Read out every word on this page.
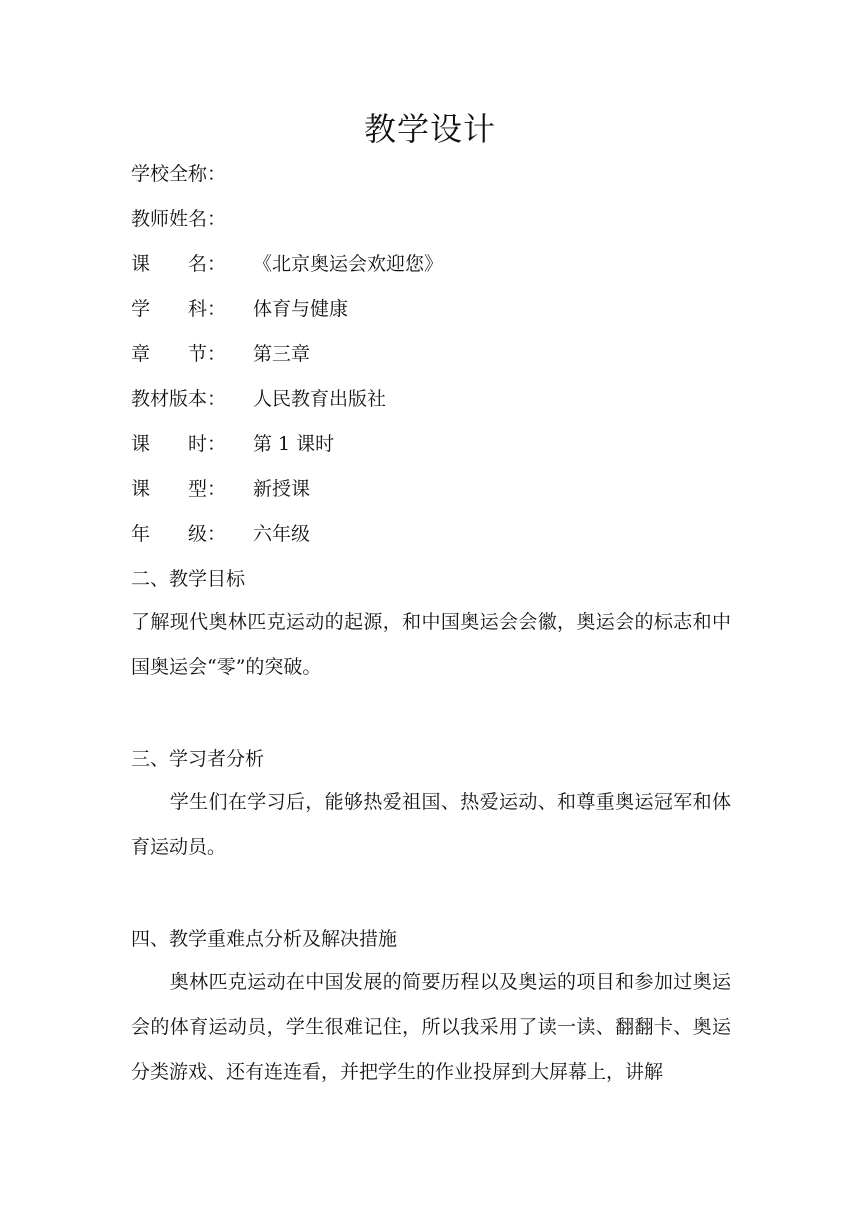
教学设计
学校全称：
教师姓名：
课　　名： 《北京奥运会欢迎您》
学　　科： 体育与健康
章　　节： 第三章
教材版本： 人民教育出版社
课　　时： 第 1 课时
课　　型： 新授课
年　　级： 六年级
二、教学目标
了解现代奥林匹克运动的起源，和中国奥运会会徽，奥运会的标志和中国奥运会“零”的突破。
三、学习者分析
　　学生们在学习后，能够热爱祖国、热爱运动、和尊重奥运冠军和体育运动员。
四、教学重难点分析及解决措施
　　奥林匹克运动在中国发展的简要历程以及奥运的项目和参加过奥运会的体育运动员，学生很难记住，所以我采用了读一读、翻翻卡、奥运分类游戏、还有连连看，并把学生的作业投屏到大屏幕上，讲解
